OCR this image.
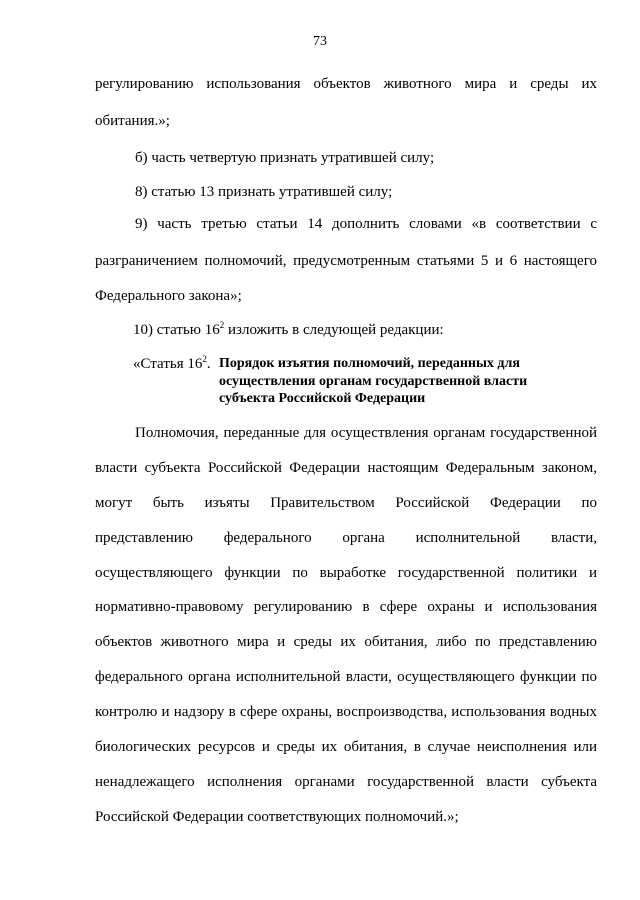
73
регулированию использования объектов животного мира и среды их
обитания.»;
б) часть четвертую признать утратившей силу;
8) статью 13 признать утратившей силу;
9) часть третью статьи 14 дополнить словами «в соответствии с
разграничением полномочий, предусмотренным статьями 5 и 6 настоящего
Федерального закона»;
10) статью $16^2$ изложить в следующей редакции:
«Статья $16^2$. Порядок изъятия полномочий, переданных для
осуществления органам государственной власти
субъекта Российской Федерации
Полномочия, переданные для осуществления органам государственной
власти субъекта Российской Федерации настоящим Федеральным законом,
могут быть изъяты Правительством Российской Федерации по
представлению федерального органа исполнительной власти,
осуществляющего функции по выработке государственной политики и
нормативно-правовому регулированию в сфере охраны и использования
объектов животного мира и среды их обитания, либо по представлению
федерального органа исполнительной власти, осуществляющего функции по
контролю и надзору в сфере охраны, воспроизводства, использования водных
биологических ресурсов и среды их обитания, в случае неисполнения или
ненадлежащего исполнения органами государственной власти субъекта
Российской Федерации соответствующих полномочий.»;
